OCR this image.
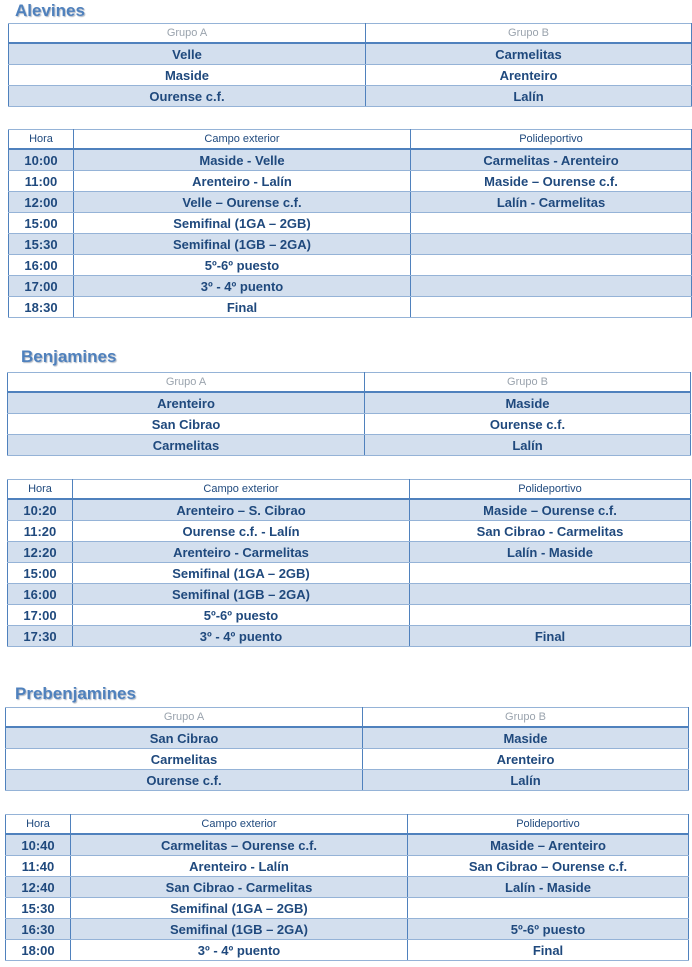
Alevines
Grupo A	Grupo B
Velle	Carmelitas
Maside	Arenteiro
Ourense c.f.	Lalín
Hora	Campo exterior	Polideportivo
10:00	Maside - Velle	Carmelitas - Arenteiro
11:00	Arenteiro - Lalín	Maside – Ourense c.f.
12:00	Velle – Ourense c.f.	Lalín - Carmelitas
15:00	Semifinal (1GA – 2GB)	
15:30	Semifinal (1GB – 2GA)	
16:00	5º-6º puesto	
17:00	3º - 4º puento	
18:30	Final	
Benjamines
Grupo A	Grupo B
Arenteiro	Maside
San Cibrao	Ourense c.f.
Carmelitas	Lalín
Hora	Campo exterior	Polideportivo
10:20	Arenteiro – S. Cibrao	Maside – Ourense c.f.
11:20	Ourense c.f. - Lalín	San Cibrao - Carmelitas
12:20	Arenteiro - Carmelitas	Lalín - Maside
15:00	Semifinal (1GA – 2GB)	
16:00	Semifinal (1GB – 2GA)	
17:00	5º-6º puesto	
17:30	3º - 4º puento	Final
Prebenjamines
Grupo A	Grupo B
San Cibrao	Maside
Carmelitas	Arenteiro
Ourense c.f.	Lalín
Hora	Campo exterior	Polideportivo
10:40	Carmelitas – Ourense c.f.	Maside – Arenteiro
11:40	Arenteiro - Lalín	San Cibrao – Ourense c.f.
12:40	San Cibrao - Carmelitas	Lalín - Maside
15:30	Semifinal (1GA – 2GB)	
16:30	Semifinal (1GB – 2GA)	5º-6º puesto
18:00	3º - 4º puento	Final
